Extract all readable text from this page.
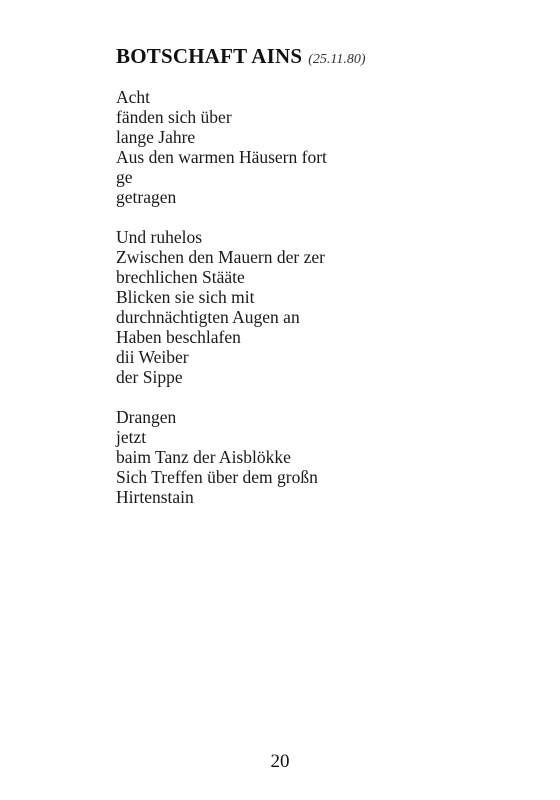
BOTSCHAFT AINS (25.11.80)
Acht
fänden sich über
lange Jahre
Aus den warmen Häusern fort
ge
getragen
Und ruhelos
Zwischen den Mauern der zer
brechlichen Stääte
Blicken sie sich mit
durchnächtigten Augen an
Haben beschlafen
dii Weiber
der Sippe
Drangen
jetzt
baim Tanz der Aisblökke
Sich Treffen über dem großn
Hirtenstain
20
